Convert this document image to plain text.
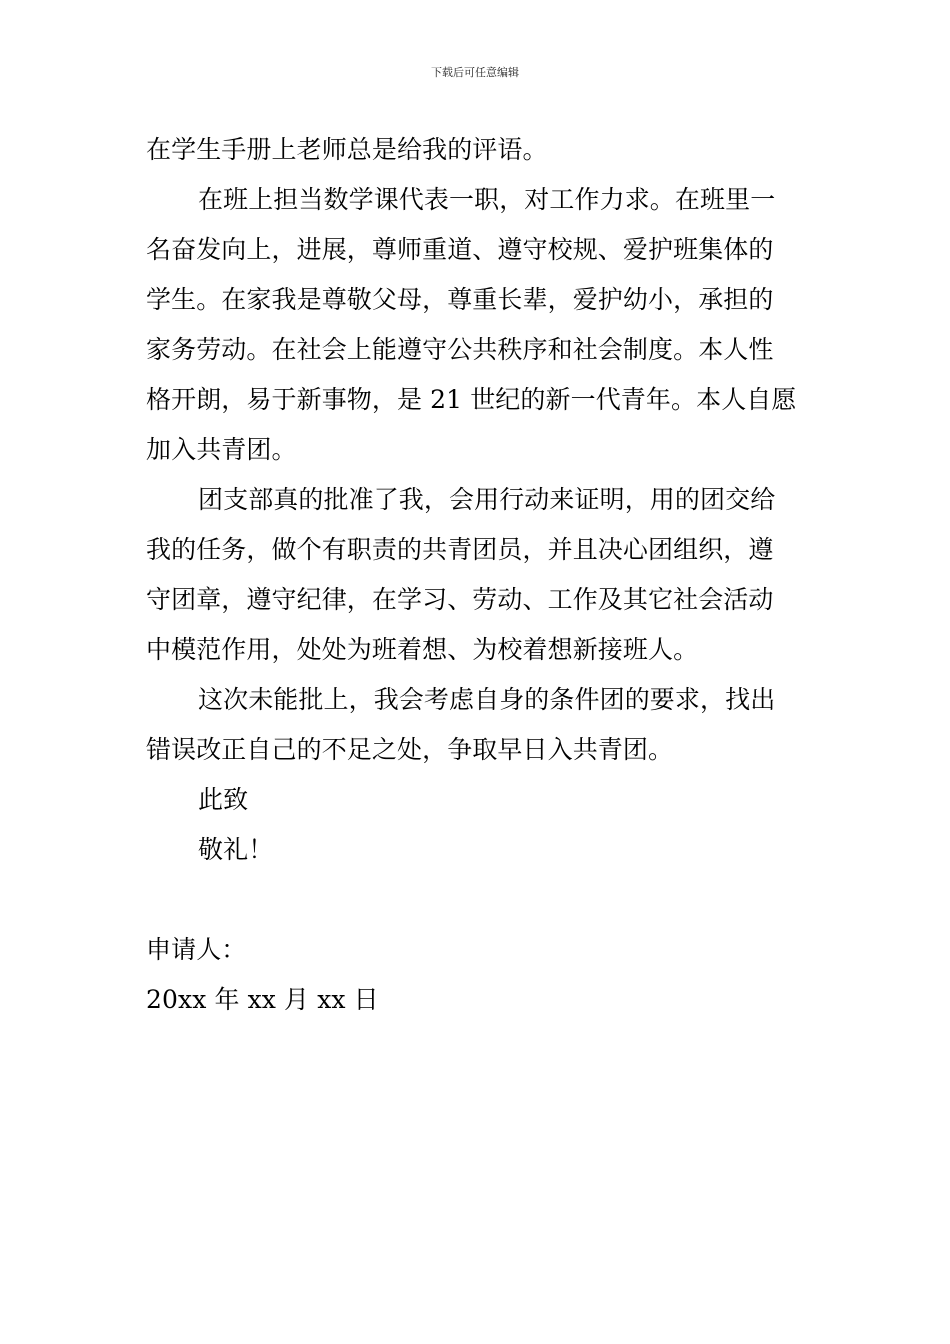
下载后可任意编辑
在学生手册上老师总是给我的评语。
在班上担当数学课代表一职，对工作力求。在班里一
名奋发向上，进展，尊师重道、遵守校规、爱护班集体的
学生。在家我是尊敬父母，尊重长辈，爱护幼小，承担的
家务劳动。在社会上能遵守公共秩序和社会制度。本人性
格开朗，易于新事物，是 21 世纪的新一代青年。本人自愿
加入共青团。
团支部真的批准了我，会用行动来证明，用的团交给
我的任务，做个有职责的共青团员，并且决心团组织，遵
守团章，遵守纪律，在学习、劳动、工作及其它社会活动
中模范作用，处处为班着想、为校着想新接班人。
这次未能批上，我会考虑自身的条件团的要求，找出
错误改正自己的不足之处，争取早日入共青团。
此致
敬礼！
申请人：
20xx 年 xx 月 xx 日
